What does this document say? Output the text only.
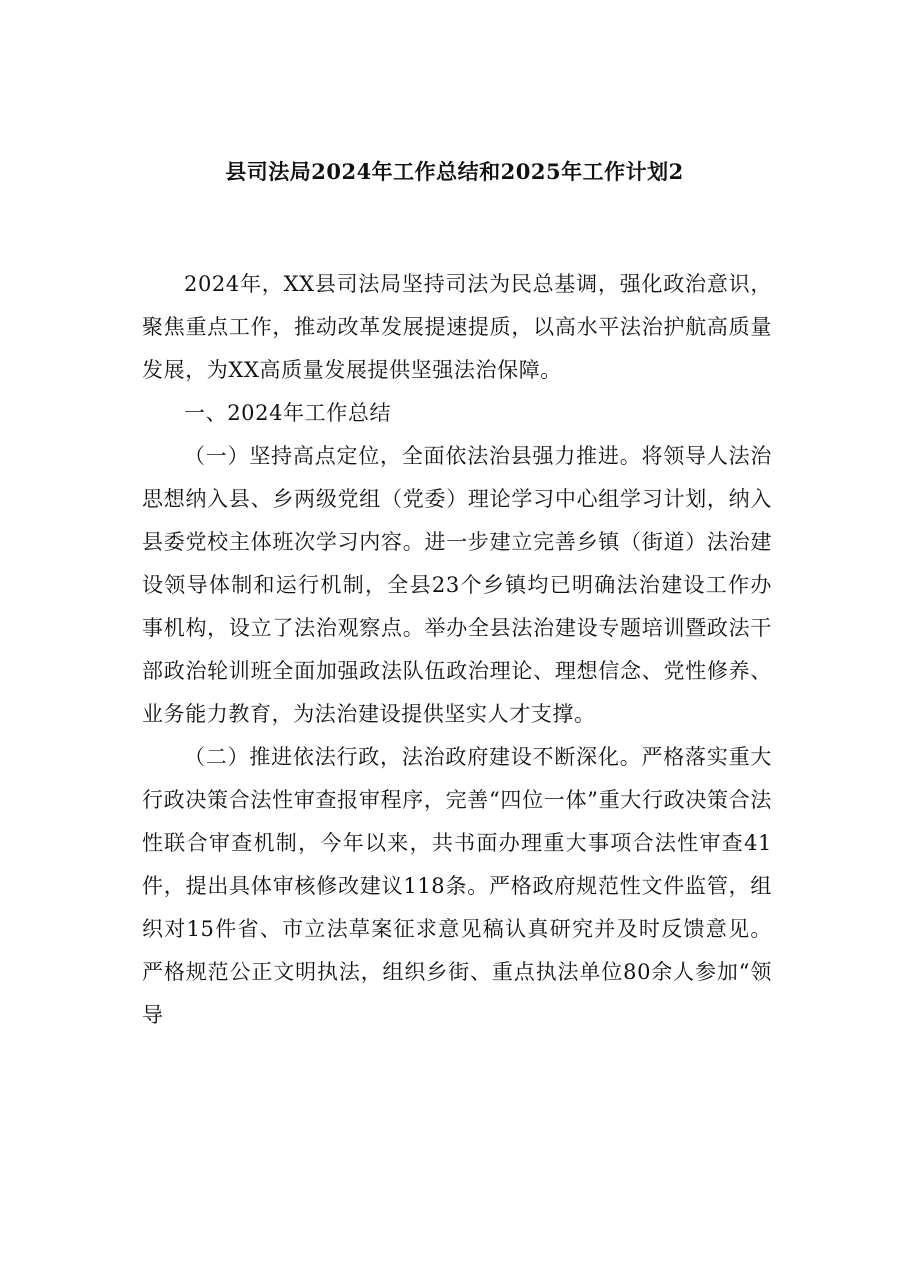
县司法局2024年工作总结和2025年工作计划2

2024年，XX县司法局坚持司法为民总基调，强化政治意识，聚焦重点工作，推动改革发展提速提质，以高水平法治护航高质量发展，为XX高质量发展提供坚强法治保障。

一、2024年工作总结

（一）坚持高点定位，全面依法治县强力推进。将领导人法治思想纳入县、乡两级党组（党委）理论学习中心组学习计划，纳入县委党校主体班次学习内容。进一步建立完善乡镇（街道）法治建设领导体制和运行机制，全县23个乡镇均已明确法治建设工作办事机构，设立了法治观察点。举办全县法治建设专题培训暨政法干部政治轮训班全面加强政法队伍政治理论、理想信念、党性修养、业务能力教育，为法治建设提供坚实人才支撑。

（二）推进依法行政，法治政府建设不断深化。严格落实重大行政决策合法性审查报审程序，完善“四位一体”重大行政决策合法性联合审查机制，今年以来，共书面办理重大事项合法性审查41件，提出具体审核修改建议118条。严格政府规范性文件监管，组织对15件省、市立法草案征求意见稿认真研究并及时反馈意见。严格规范公正文明执法，组织乡街、重点执法单位80余人参加“领导
